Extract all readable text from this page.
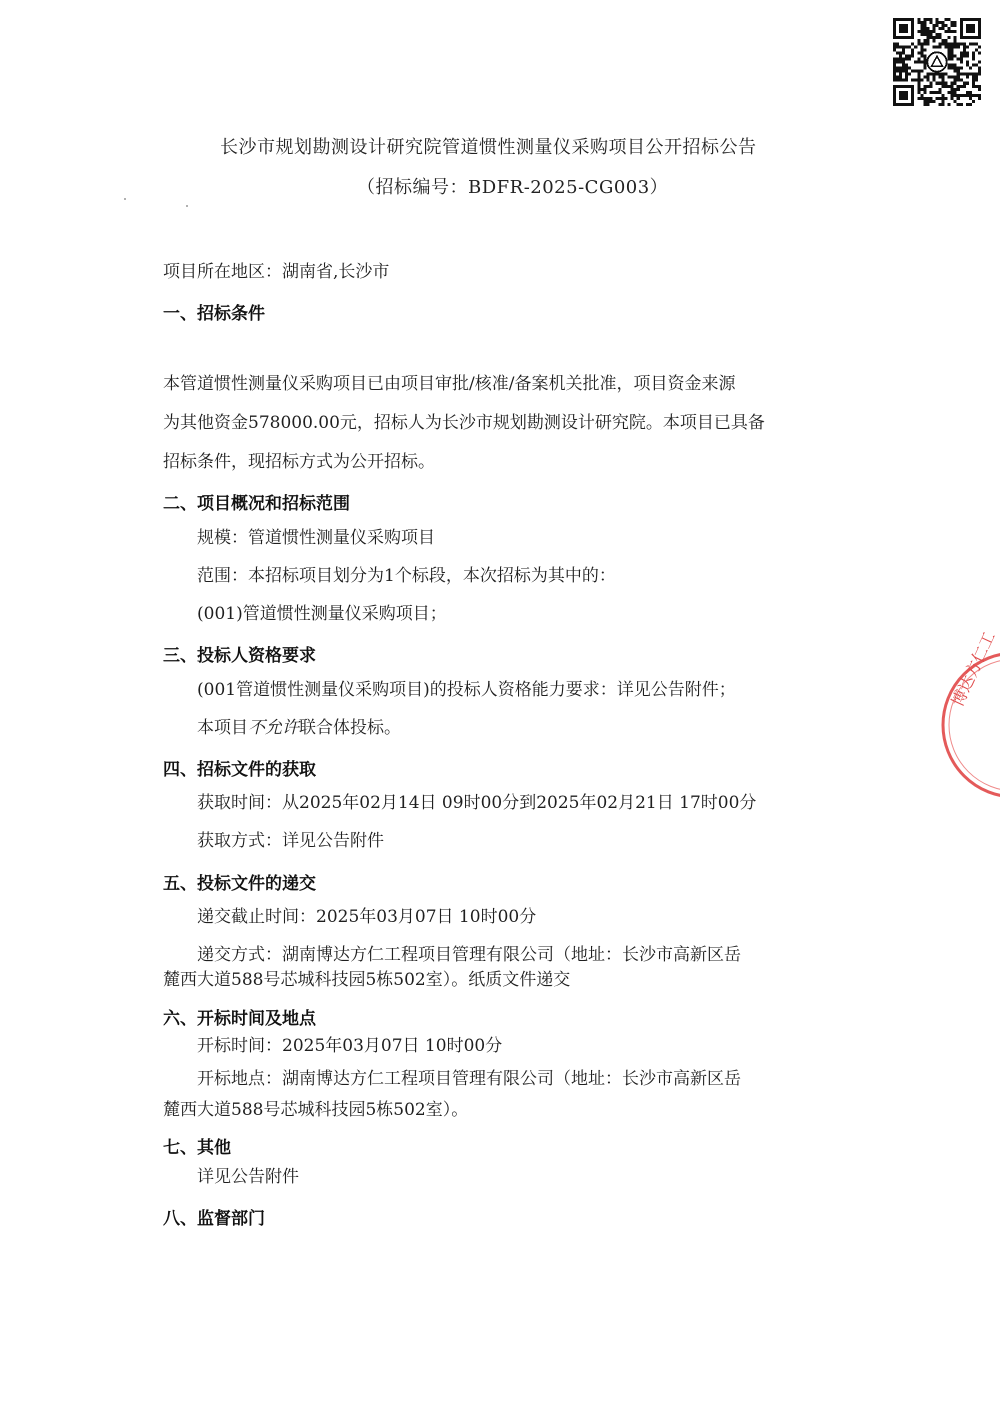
博达方仁工
长沙市规划勘测设计研究院管道惯性测量仪采购项目公开招标公告
（招标编号：BDFR-2025-CG003）
项目所在地区：湖南省,长沙市
一、招标条件
本管道惯性测量仪采购项目已由项目审批/核准/备案机关批准，项目资金来源
为其他资金578000.00元，招标人为长沙市规划勘测设计研究院。本项目已具备
招标条件，现招标方式为公开招标。
二、项目概况和招标范围
规模：管道惯性测量仪采购项目
范围：本招标项目划分为1个标段，本次招标为其中的：
(001)管道惯性测量仪采购项目；
三、投标人资格要求
(001管道惯性测量仪采购项目)的投标人资格能力要求：详见公告附件；
本项目不允许联合体投标。
四、招标文件的获取
获取时间：从2025年02月14日 09时00分到2025年02月21日 17时00分
获取方式：详见公告附件
五、投标文件的递交
递交截止时间：2025年03月07日 10时00分
递交方式：湖南博达方仁工程项目管理有限公司（地址：长沙市高新区岳
麓西大道588号芯城科技园5栋502室）。纸质文件递交
六、开标时间及地点
开标时间：2025年03月07日 10时00分
开标地点：湖南博达方仁工程项目管理有限公司（地址：长沙市高新区岳
麓西大道588号芯城科技园5栋502室）。
七、其他
详见公告附件
八、监督部门
